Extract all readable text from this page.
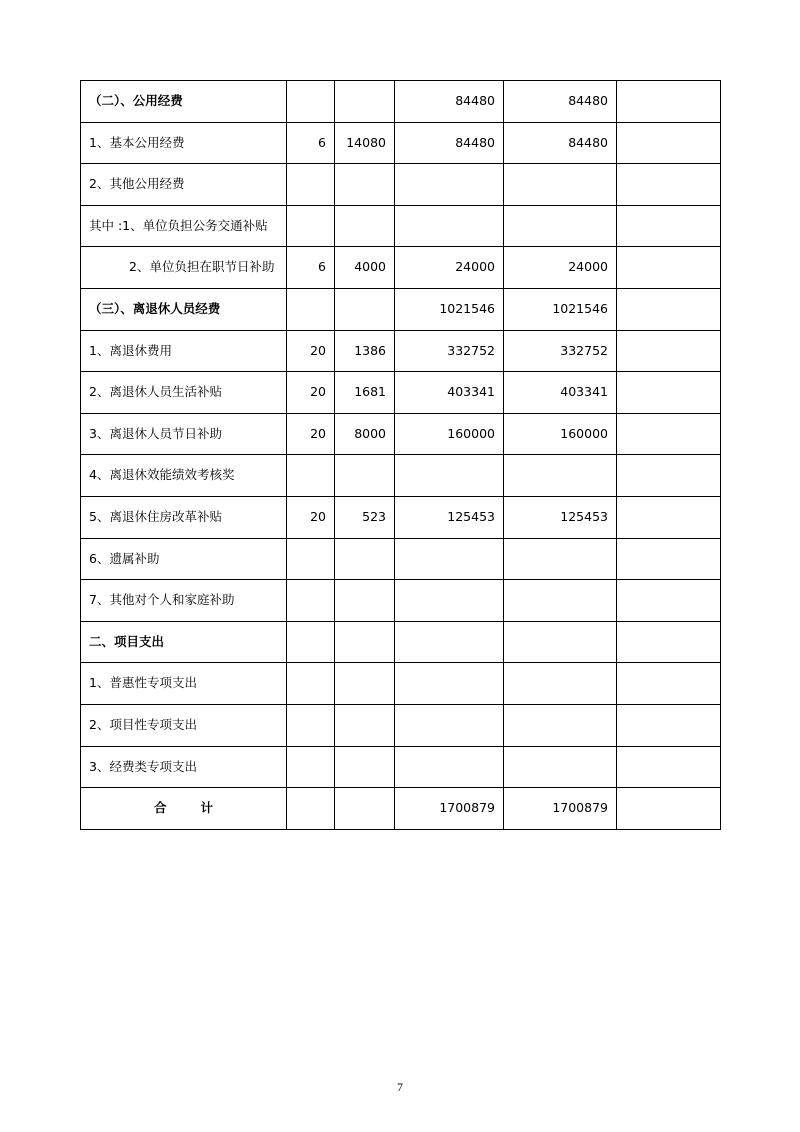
（二）、公用经费			84480	84480	
1、基本公用经费	6	14080	84480	84480	
2、其他公用经费					
其中 :1、单位负担公务交通补贴					
2、单位负担在职节日补助	6	4000	24000	24000	
（三）、离退休人员经费			1021546	1021546	
1、离退休费用	20	1386	332752	332752	
2、离退休人员生活补贴	20	1681	403341	403341	
3、离退休人员节日补助	20	8000	160000	160000	
4、离退休效能绩效考核奖					
5、离退休住房改革补贴	20	523	125453	125453	
6、遗属补助					
7、其他对个人和家庭补助					
二、项目支出					
1、普惠性专项支出					
2、项目性专项支出					
3、经费类专项支出					
合 计			1700879	1700879	
7
